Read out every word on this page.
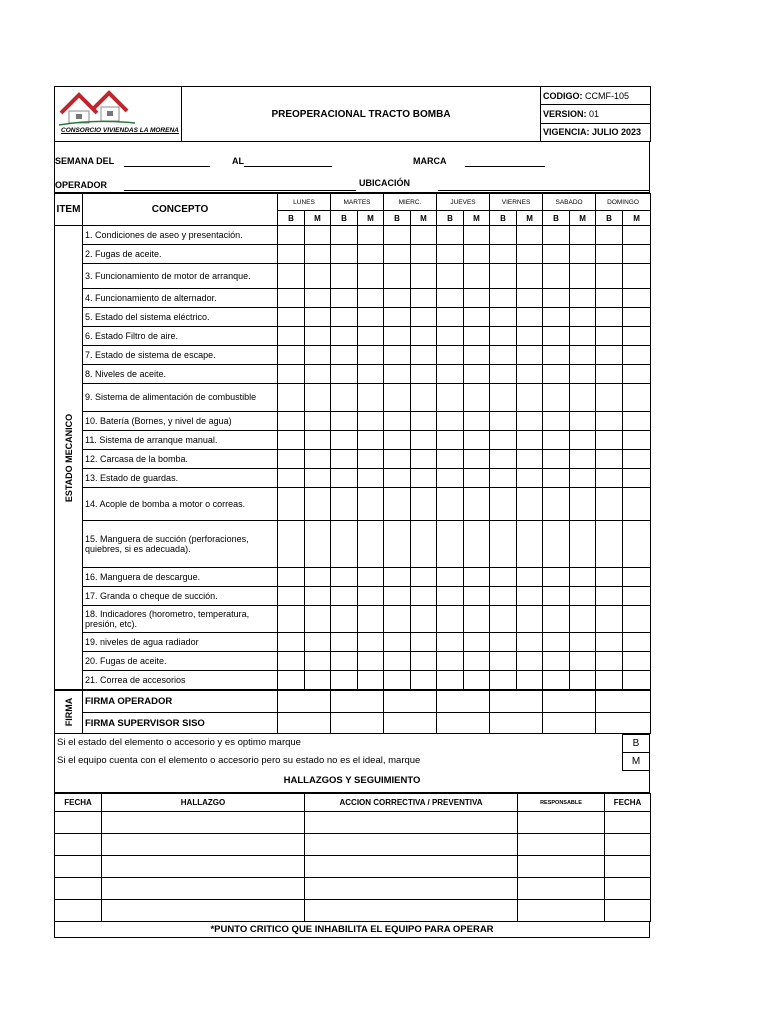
CONSORCIO VIVIENDAS LA MORENA
	PREOPERACIONAL TRACTO BOMBA	CODIGO: CCMF-105
VERSION: 01
VIGENCIA: JULIO 2023
SEMANA DEL	AL	MARCA
OPERADOR	UBICACIÓN
ITEM	CONCEPTO	LUNES		MARTES		MIERC.		JUEVES		VIERNES		SABADO		DOMINGO	
		B	M	B	M	B	M	B	M	B	M	B	M	B	M

ESTADO MECANICO	1. Condiciones de aseo y presentación.														
	2. Fugas de aceite.														
	3. Funcionamiento de motor de arranque.														
	4. Funcionamiento de alternador.														
	5. Estado del sistema eléctrico.														
	6. Estado Filtro de aire.														
	7. Estado de sistema de escape.														
	8. Niveles de aceite.														
	9. Sistema de alimentación de combustible														
	10. Batería (Bornes, y nivel de agua)														
	11. Sistema de arranque manual.														
	12. Carcasa de la bomba.														
	13. Estado de guardas.														
	14. Acople de bomba a motor o correas.														
	15. Manguera de succión (perforaciones, quiebres, si es adecuada).														
	16. Manguera de descargue.														
	17. Granda o cheque de succión.														
	18. Indicadores (horometro, temperatura, presión, etc).														
	19. niveles de agua radiador														
	20. Fugas de aceite.														
	21. Correa de accesorios														
FIRMA	FIRMA OPERADOR							
	FIRMA SUPERVISOR SISO							
Si el estado del elemento o accesorio y es optimo marque	B
Si el equipo cuenta con el elemento o accesorio pero su estado no es el ideal, marque	M
HALLAZGOS Y SEGUIMIENTO
FECHA	HALLAZGO	ACCION CORRECTIVA / PREVENTIVA	RESPONSABLE	FECHA

*PUNTO CRITICO QUE INHABILITA EL EQUIPO PARA OPERAR
